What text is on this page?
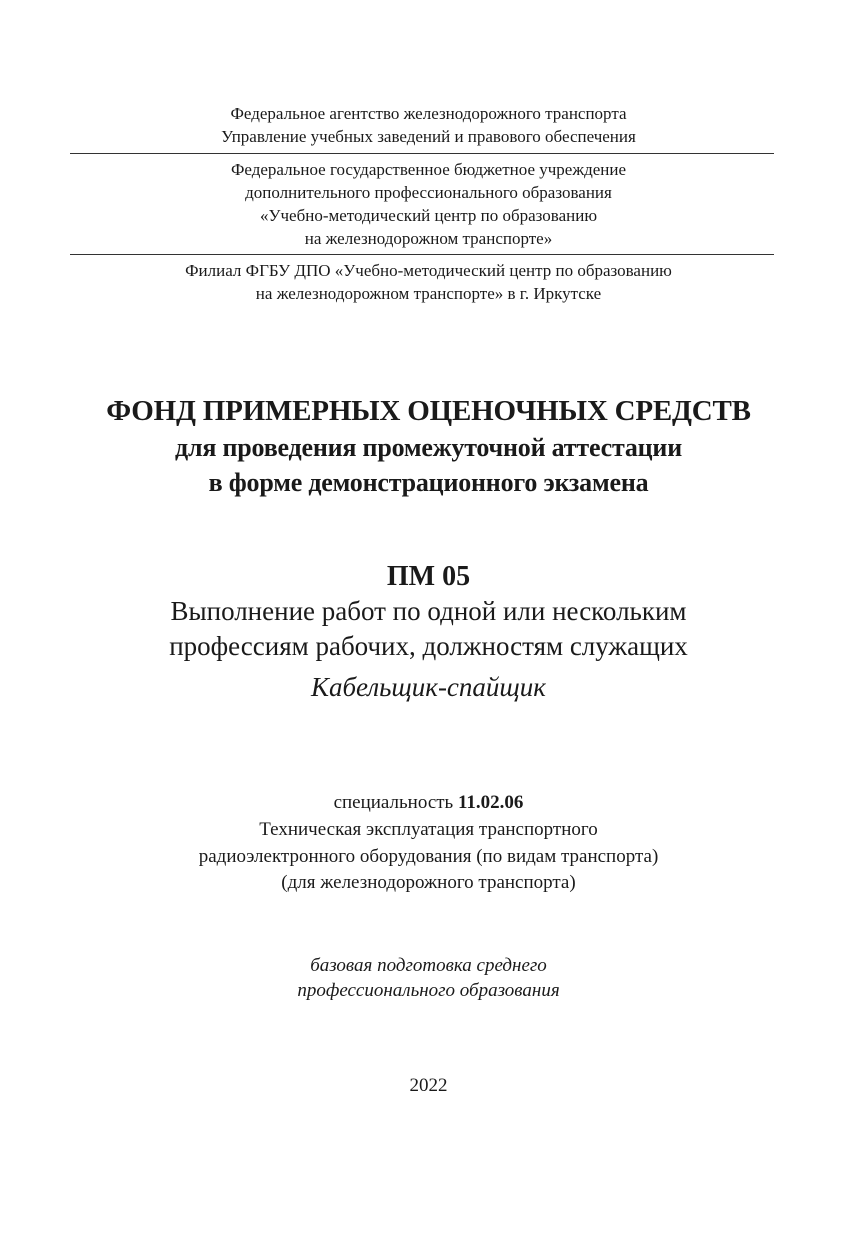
Федеральное агентство железнодорожного транспорта
Управление учебных заведений и правового обеспечения
Федеральное государственное бюджетное учреждение
дополнительного профессионального образования
«Учебно-методический центр по образованию
на железнодорожном транспорте»
Филиал ФГБУ ДПО «Учебно-методический центр по образованию
на железнодорожном транспорте» в г. Иркутске
ФОНД ПРИМЕРНЫХ ОЦЕНОЧНЫХ СРЕДСТВ
для проведения промежуточной аттестации
в форме демонстрационного экзамена
ПМ 05
Выполнение работ по одной или нескольким
профессиям рабочих, должностям служащих
Кабельщик-спайщик
специальность 11.02.06
Техническая эксплуатация транспортного
радиоэлектронного оборудования (по видам транспорта)
(для железнодорожного транспорта)
базовая подготовка среднего
профессионального образования
2022
